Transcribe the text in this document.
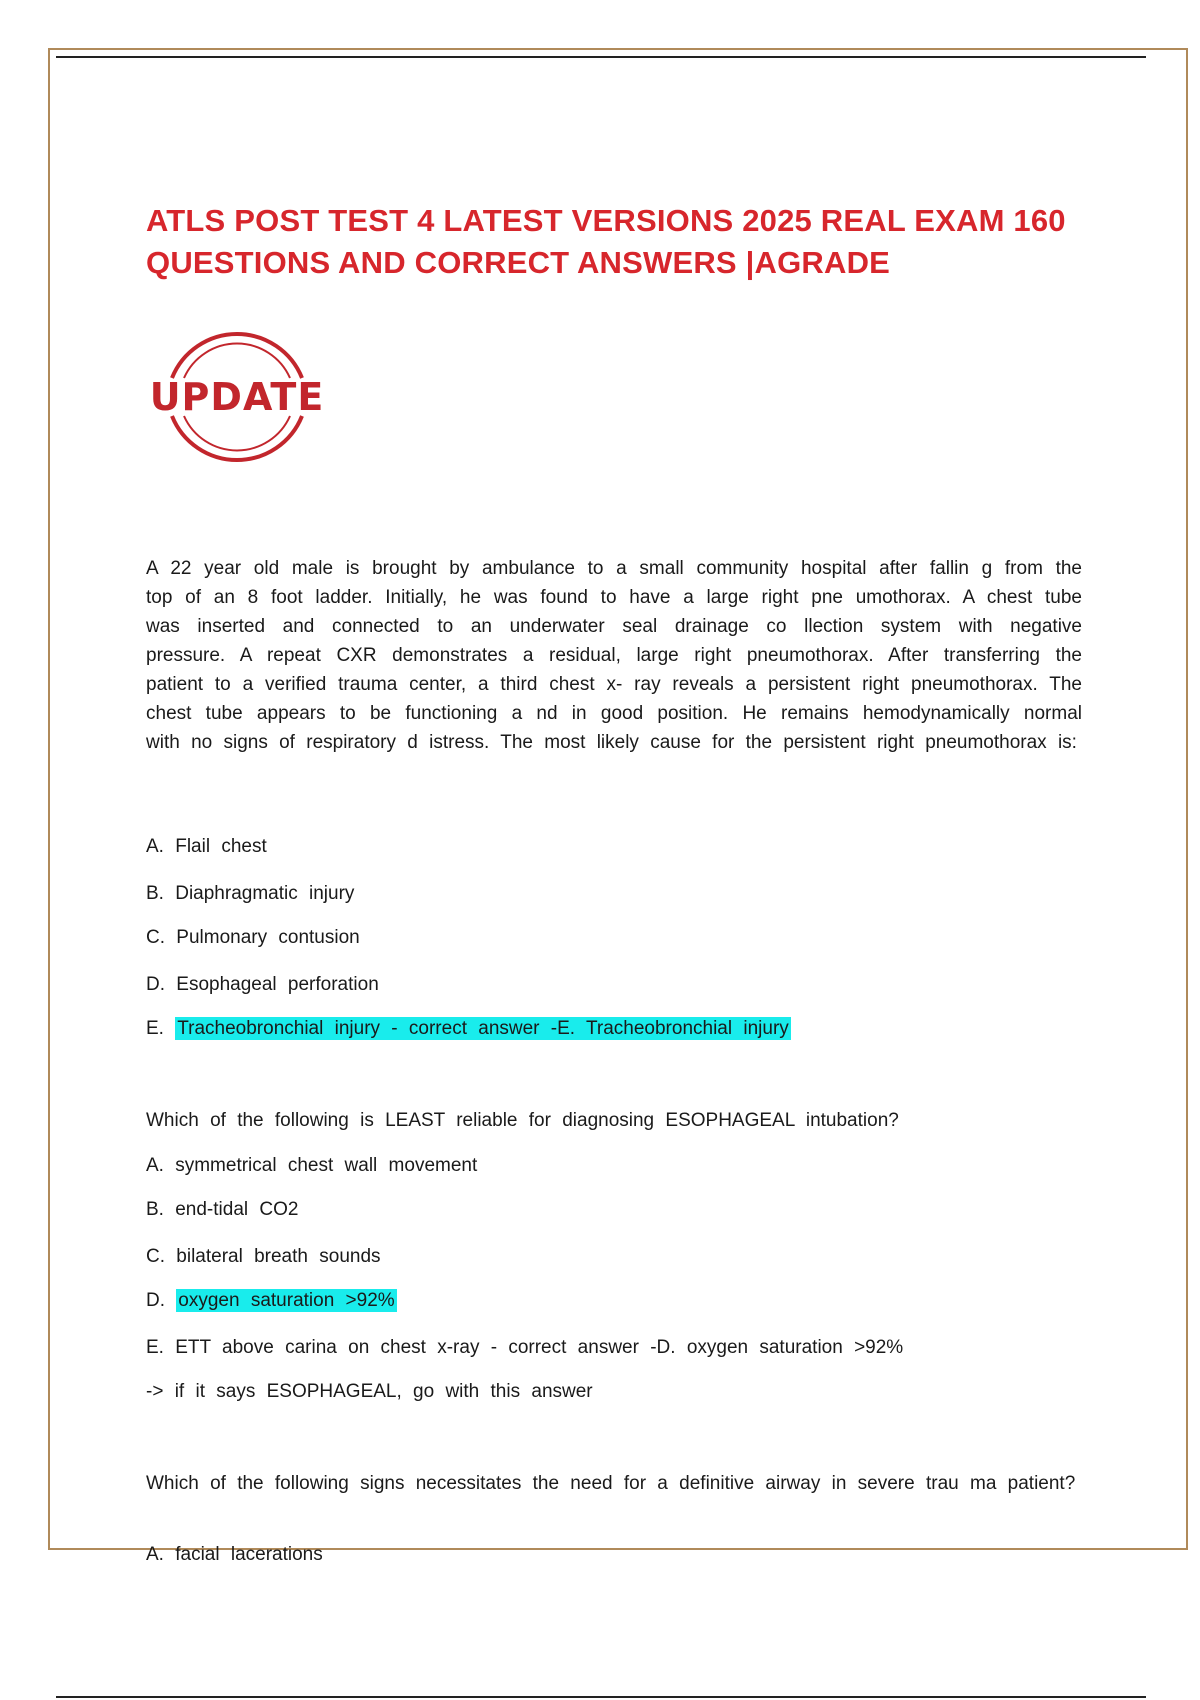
ATLS POST TEST 4 LATEST VERSIONS 2025 REAL EXAM 160
QUESTIONS AND CORRECT ANSWERS |AGRADE
UPDATE
A 22 year old male is brought by ambulance to a small community hospital after fallin g from the top of an 8 foot ladder. Initially, he was found to have a large right pne umothorax. A chest tube was inserted and connected to an underwater seal drainage co llection system with negative pressure. A repeat CXR demonstrates a residual, large right pneumothorax. After transferring the patient to a verified trauma center, a third chest x- ray reveals a persistent right pneumothorax. The chest tube appears to be functioning a nd in good position. He remains hemodynamically normal with no signs of respiratory d istress. The most likely cause for the persistent right pneumothorax is:
A. Flail chest
B. Diaphragmatic injury
C. Pulmonary contusion
D. Esophageal perforation
E. Tracheobronchial injury - correct answer -E. Tracheobronchial injury
Which of the following is LEAST reliable for diagnosing ESOPHAGEAL intubation?
A. symmetrical chest wall movement
B. end-tidal CO2
C. bilateral breath sounds
D. oxygen saturation >92%
E. ETT above carina on chest x-ray - correct answer -D. oxygen saturation >92%
-> if it says ESOPHAGEAL, go with this answer
Which of the following signs necessitates the need for a definitive airway in severe trau ma patient?
A. facial lacerations
